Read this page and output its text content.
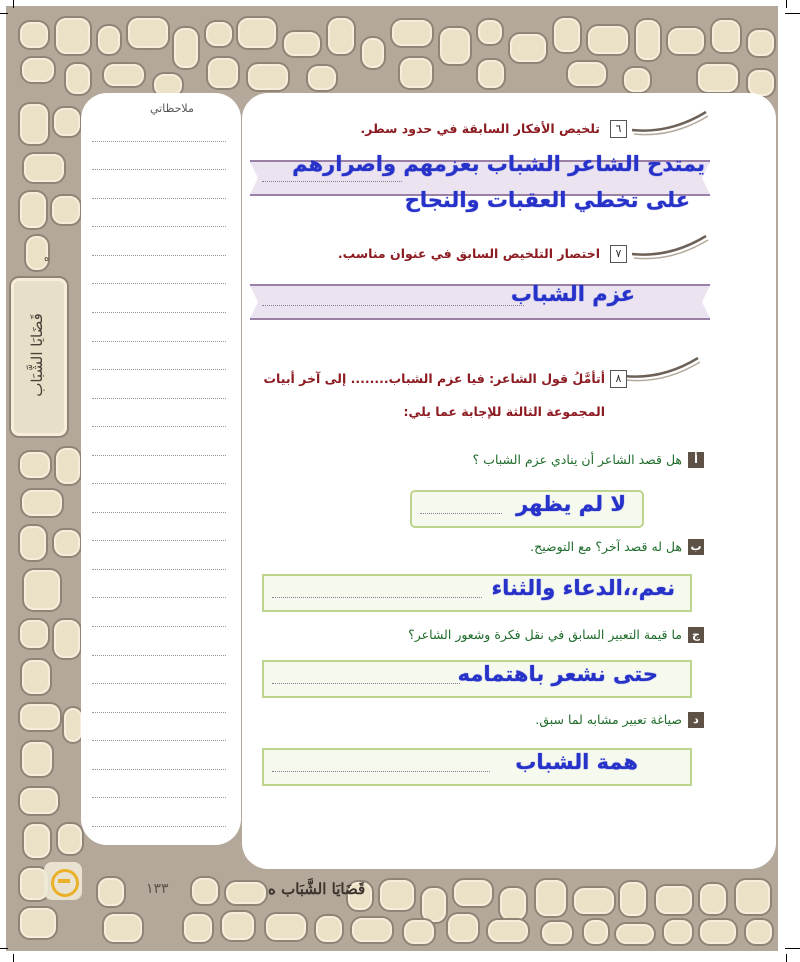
ملاحظاتي
ه
قَضَايَا الشَّبَاب
٦
تلخيص الأفكار السابقة في حدود سطر.
يمتدح الشاعر الشباب بعزمهم واصرارهم
على تخطي العقبات والنجاح
٧
اختصار التلخيص السابق في عنوان مناسب.
عزم الشباب
٨
أتأمَّلُ قول الشاعر: فيا عزم الشباب........ إلى آخر أبيات
المجموعة الثالثة للإجابة عما يلي:
أ
هل قصد الشاعر أن ينادي عزم الشباب ؟
لا لم يظهر
ب
هل له قصد آخر؟ مع التوضيح.
نعم،،الدعاء والثناء
ج
ما قيمة التعبير السابق في نقل فكرة وشعور الشاعر؟
حتى نشعر باهتمامه
د
صياغة تعبير مشابه لما سبق.
همة الشباب
١٣٣	قَضَايَا الشَّبَاب ه
